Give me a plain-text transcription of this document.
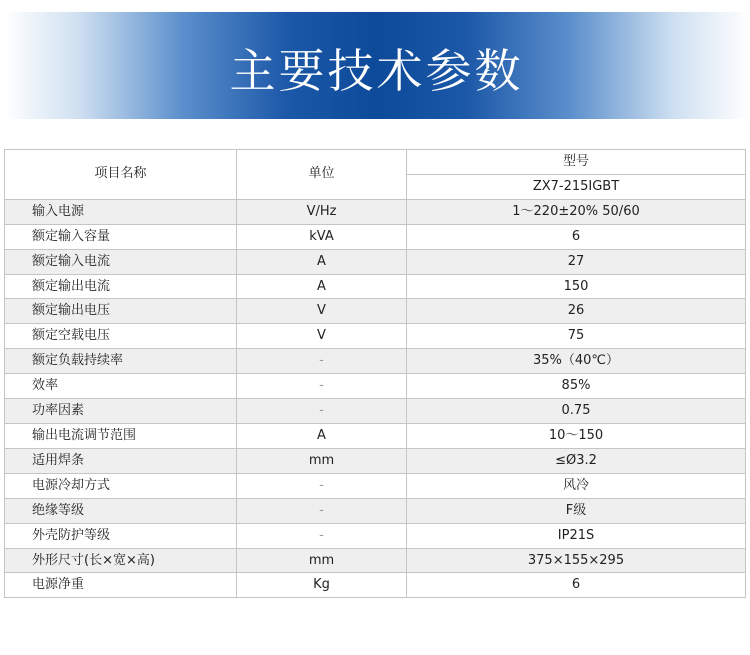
主要技术参数
项目名称	单位	型号
		ZX7-215IGBT
输入电源	V/Hz	1～220±20% 50/60
额定输入容量	kVA	6
额定输入电流	A	27
额定输出电流	A	150
额定输出电压	V	26
额定空载电压	V	75
额定负载持续率	-	35%（40℃）
效率	-	85%
功率因素	-	0.75
输出电流调节范围	A	10～150
适用焊条	mm	≤Ø3.2
电源冷却方式	-	风冷
绝缘等级	-	F级
外壳防护等级	-	IP21S
外形尺寸(长×宽×高)	mm	375×155×295
电源净重	Kg	6
